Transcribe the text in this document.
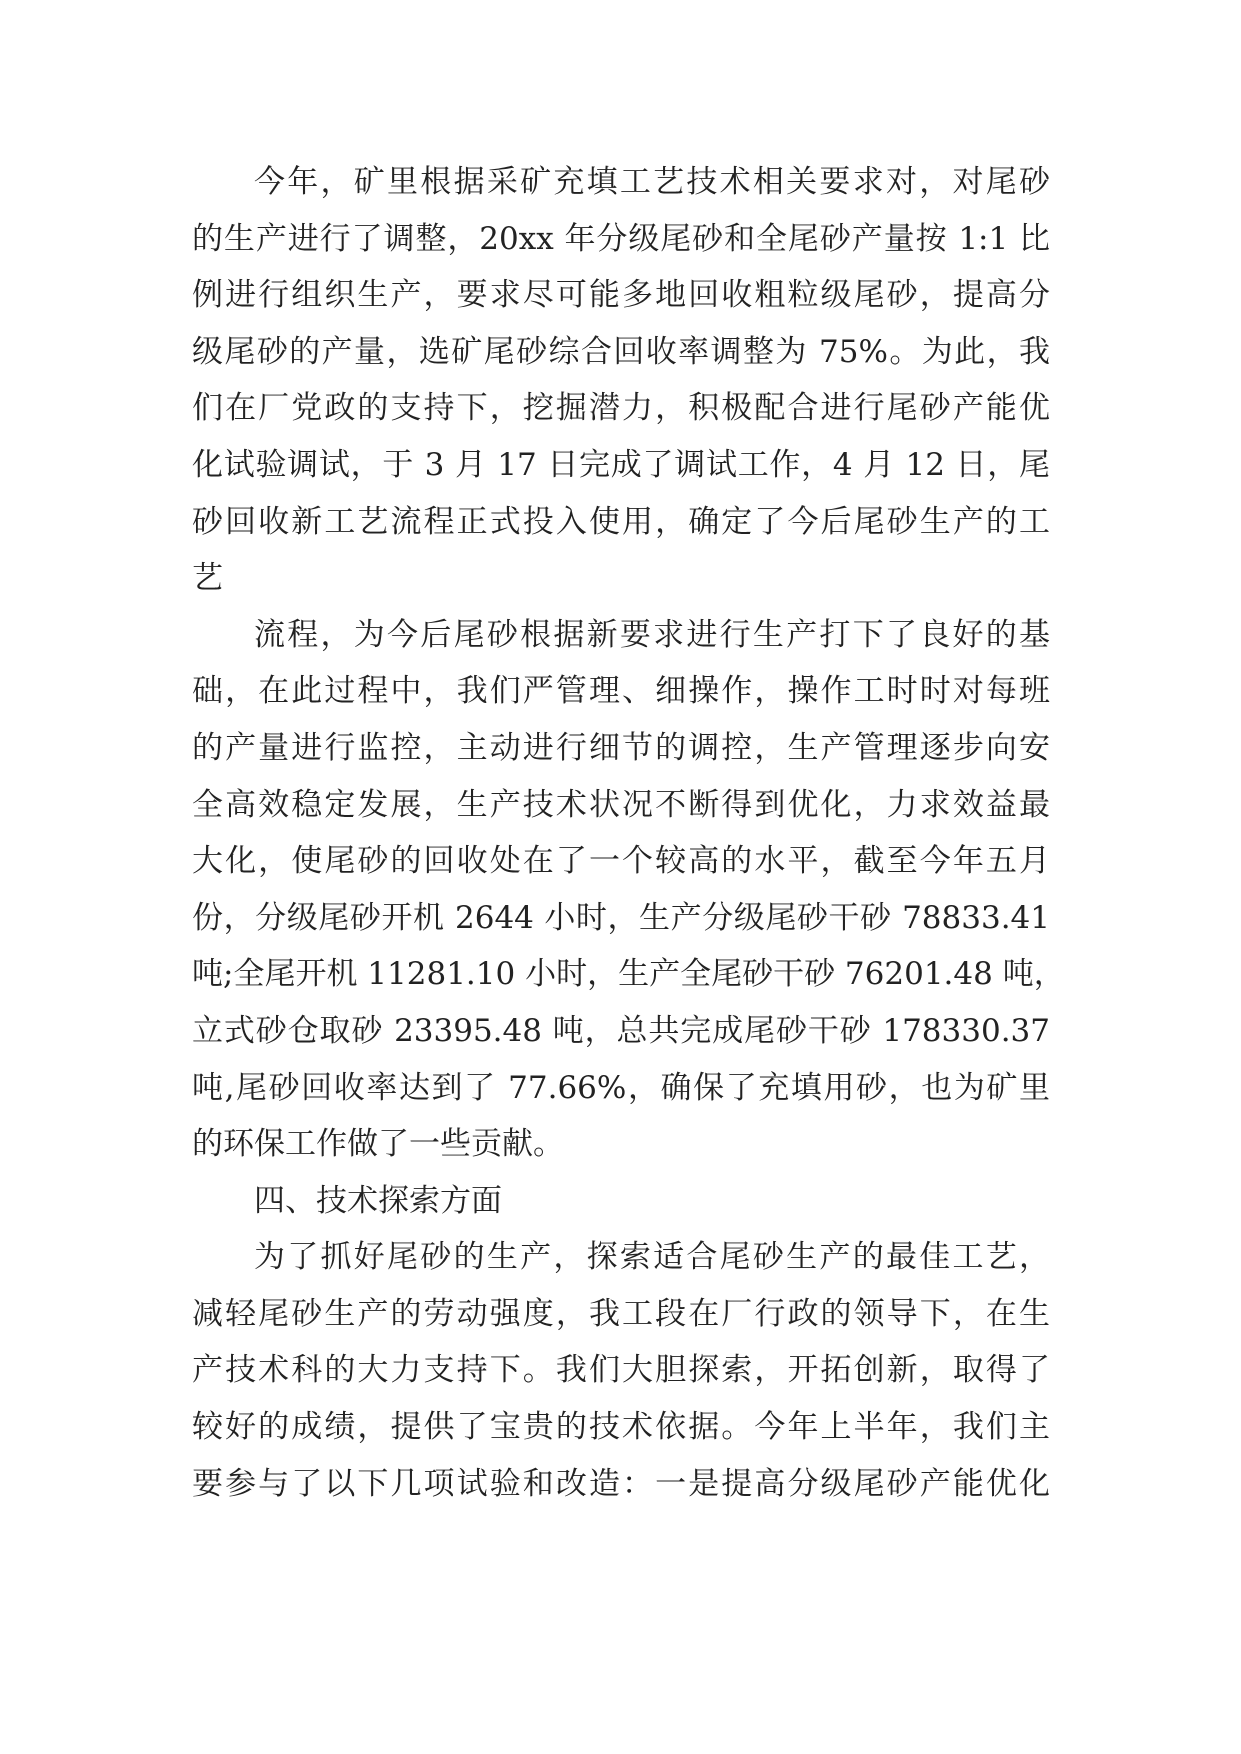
今年，矿里根据采矿充填工艺技术相关要求对，对尾砂
的生产进行了调整，20xx 年分级尾砂和全尾砂产量按 1:1 比
例进行组织生产，要求尽可能多地回收粗粒级尾砂，提高分
级尾砂的产量，选矿尾砂综合回收率调整为 75%。为此，我
们在厂党政的支持下，挖掘潜力，积极配合进行尾砂产能优
化试验调试，于 3 月 17 日完成了调试工作，4 月 12 日，尾
砂回收新工艺流程正式投入使用，确定了今后尾砂生产的工
艺
流程，为今后尾砂根据新要求进行生产打下了良好的基
础，在此过程中，我们严管理、细操作，操作工时时对每班
的产量进行监控，主动进行细节的调控，生产管理逐步向安
全高效稳定发展，生产技术状况不断得到优化，力求效益最
大化，使尾砂的回收处在了一个较高的水平，截至今年五月
份，分级尾砂开机 2644 小时，生产分级尾砂干砂 78833.41
吨;全尾开机 11281.10 小时，生产全尾砂干砂 76201.48 吨，
立式砂仓取砂 23395.48 吨，总共完成尾砂干砂 178330.37
吨,尾砂回收率达到了 77.66%，确保了充填用砂，也为矿里
的环保工作做了一些贡献。
四、技术探索方面
为了抓好尾砂的生产，探索适合尾砂生产的最佳工艺，
减轻尾砂生产的劳动强度，我工段在厂行政的领导下，在生
产技术科的大力支持下。我们大胆探索，开拓创新，取得了
较好的成绩，提供了宝贵的技术依据。今年上半年，我们主
要参与了以下几项试验和改造：一是提高分级尾砂产能优化
